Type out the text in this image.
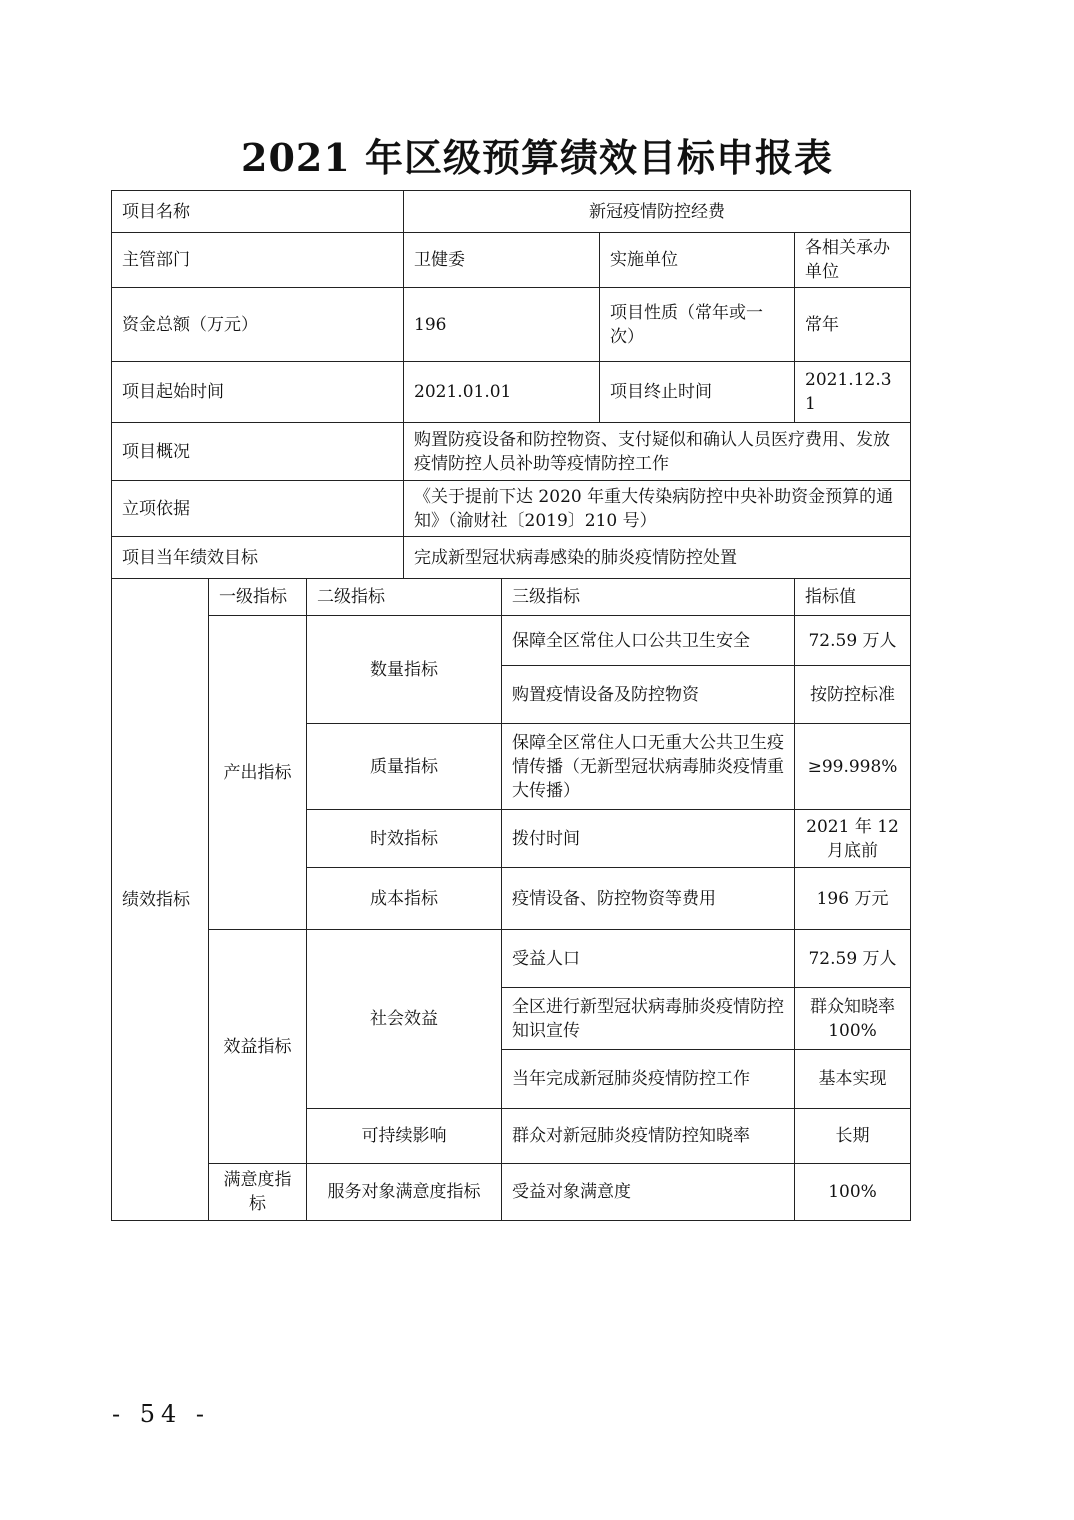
2021 年区级预算绩效目标申报表
项目名称			新冠疫情防控经费			
主管部门			卫健委		实施单位	各相关承办单位
资金总额（万元）			196		项目性质（常年或一次）	常年
项目起始时间			2021.01.01		项目终止时间	2021.12.31
项目概况			购置防疫设备和防控物资、支付疑似和确认人员医疗费用、发放疫情防控人员补助等疫情防控工作			
立项依据			《关于提前下达 2020 年重大传染病防控中央补助资金预算的通知》（渝财社〔2019〕210 号）			
项目当年绩效目标			完成新型冠状病毒感染的肺炎疫情防控处置			
绩效指标	一级指标	二级指标		三级指标		指标值
	产出指标	数量指标		保障全区常住人口公共卫生安全		72.59 万人
				购置疫情设备及防控物资		按防控标准
		质量指标		保障全区常住人口无重大公共卫生疫情传播（无新型冠状病毒肺炎疫情重大传播）		≥99.998%
		时效指标		拨付时间		2021 年 12 月底前
		成本指标		疫情设备、防控物资等费用		196 万元
	效益指标	社会效益		受益人口		72.59 万人
				全区进行新型冠状病毒肺炎疫情防控知识宣传		群众知晓率 100%
				当年完成新冠肺炎疫情防控工作		基本实现
		可持续影响		群众对新冠肺炎疫情防控知晓率		长期
	满意度指标	服务对象满意度指标		受益对象满意度		100%
- 54 -
